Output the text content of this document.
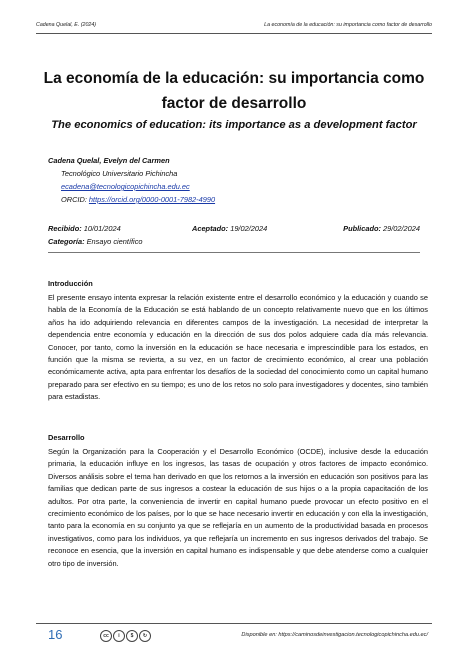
Cadena Quelal, E. (2024)	La economía de la educación: su importancia como factor de desarrollo
La economía de la educación: su importancia como
factor de desarrollo
The economics of education: its importance as a development factor
Cadena Quelal, Evelyn del Carmen
Tecnológico Universitario Pichincha
ecadena@tecnologicopichincha.edu.ec
ORCID: https://orcid.org/0000-0001-7982-4990
Recibido: 10/01/2024	Aceptado: 19/02/2024	Publicado: 29/02/2024
Categoría: Ensayo científico
Introducción

El presente ensayo intenta expresar la relación existente entre el desarrollo económico y la educación y cuando se habla de la Economía de la Educación se está hablando de un concepto relativamente nuevo que en los últimos años ha ido adquiriendo relevancia en diferentes campos de la investigación. La necesidad de interpretar la dependencia entre economía y educación en la dirección de sus dos polos adquiere cada día más relevancia. Conocer, por tanto, como la inversión en la educación se hace necesaria e imprescindible para los estados, en función que la misma se revierta, a su vez, en un factor de crecimiento económico, al crear una población económicamente activa, apta para enfrentar los desafíos de la sociedad del conocimiento como un capital humano preparado para ser efectivo en su tiempo; es uno de los retos no solo para investigadores y docentes, sino también para estadistas.

Desarrollo

Según la Organización para la Cooperación y el Desarrollo Económico (OCDE), inclusive desde la educación primaria, la educación influye en los ingresos, las tasas de ocupación y otros factores de impacto económico. Diversos análisis sobre el tema han derivado en que los retornos a la inversión en educación son positivos para las familias que dedican parte de sus ingresos a costear la educación de sus hijos o a la propia capacitación de los adultos. Por otra parte, la conveniencia de invertir en capital humano puede provocar un efecto positivo en el crecimiento económico de los países, por lo que se hace necesario invertir en educación y con ella la investigación, tanto para la economía en su conjunto ya que se reflejaría en un aumento de la productividad basada en procesos investigativos, como para los individuos, ya que reflejaría un incremento en sus ingresos derivados del trabajo. Se reconoce en esencia, que la inversión en capital humano es indispensable y que debe atenderse como a cualquier otro tipo de inversión.

16	cc	i	$	↻	Disponible en: https://caminosdeinvestigacion.tecnologicopichincha.edu.ec/
